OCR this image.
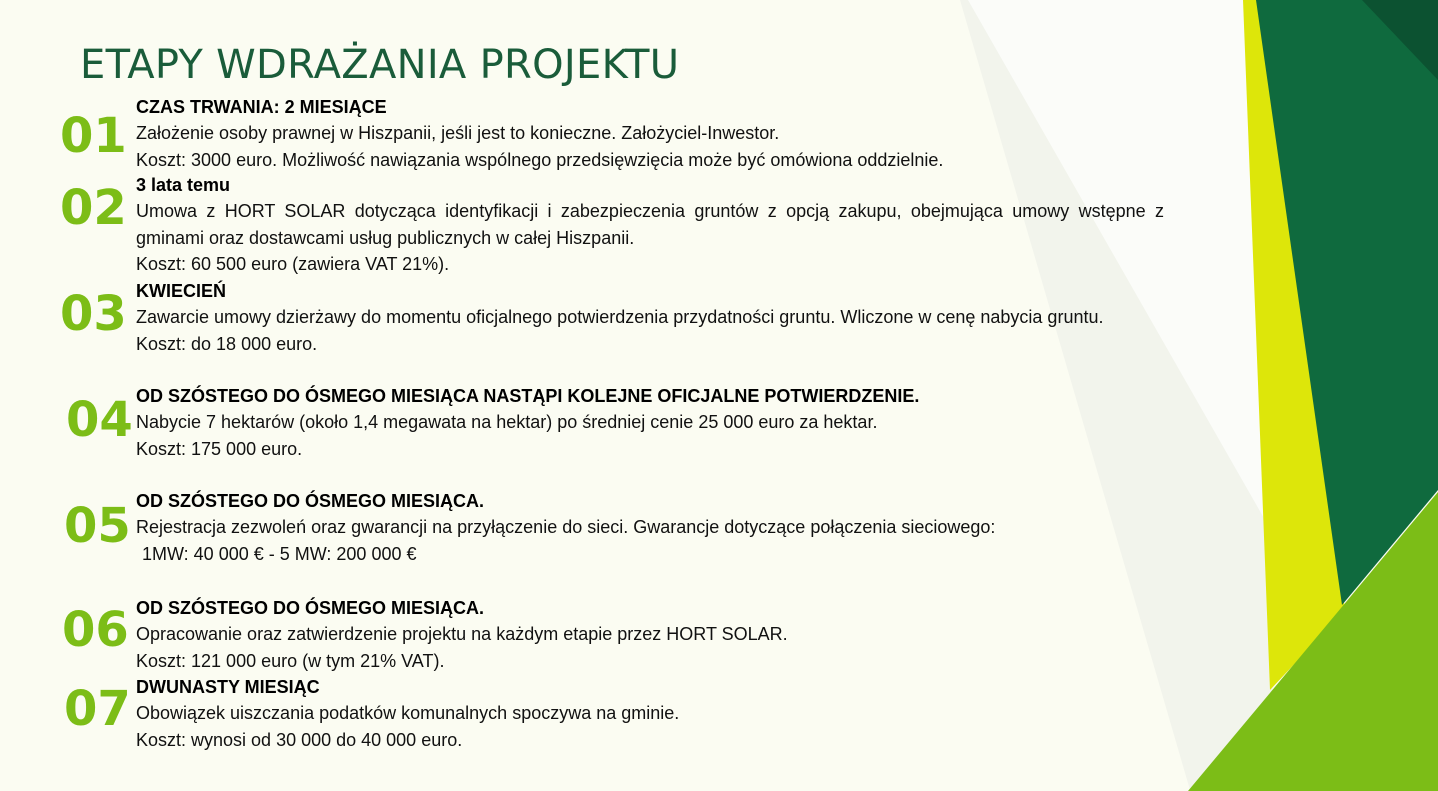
ETAPY WDRAŻANIA PROJEKTU
01
CZAS TRWANIA: 2 MIESIĄCE
Założenie osoby prawnej w Hiszpanii, jeśli jest to konieczne. Założyciel-Inwestor.
Koszt: 3000 euro. Możliwość nawiązania wspólnego przedsięwzięcia może być omówiona oddzielnie.
02 3 lata temu
Umowa z HORT SOLAR dotycząca identyfikacji i zabezpieczenia gruntów z opcją zakupu, obejmująca umowy wstępne z gminami oraz dostawcami usług publicznych w całej Hiszpanii.
Koszt: 60 500 euro (zawiera VAT 21%).
03 KWIECIEŃ
Zawarcie umowy dzierżawy do momentu oficjalnego potwierdzenia przydatności gruntu. Wliczone w cenę nabycia gruntu.
Koszt: do 18 000 euro.
04 OD SZÓSTEGO DO ÓSMEGO MIESIĄCA NASTĄPI KOLEJNE OFICJALNE POTWIERDZENIE.
Nabycie 7 hektarów (około 1,4 megawata na hektar) po średniej cenie 25 000 euro za hektar.
Koszt: 175 000 euro.
05 OD SZÓSTEGO DO ÓSMEGO MIESIĄCA.
Rejestracja zezwoleń oraz gwarancji na przyłączenie do sieci. Gwarancje dotyczące połączenia sieciowego:
1MW: 40 000 € - 5 MW: 200 000 €
06 OD SZÓSTEGO DO ÓSMEGO MIESIĄCA.
Opracowanie oraz zatwierdzenie projektu na każdym etapie przez HORT SOLAR.
Koszt: 121 000 euro (w tym 21% VAT).
07 DWUNASTY MIESIĄC
Obowiązek uiszczania podatków komunalnych spoczywa na gminie.
Koszt: wynosi od 30 000 do 40 000 euro.
